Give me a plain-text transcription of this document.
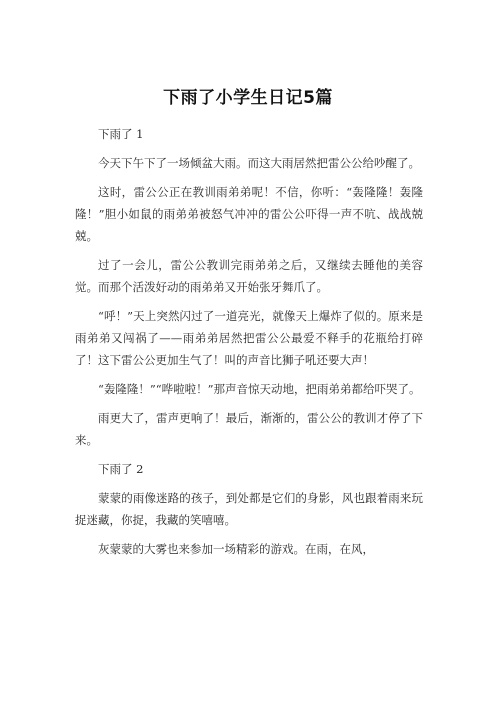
下雨了小学生日记5篇

下雨了 1

今天下午下了一场倾盆大雨。而这大雨居然把雷公公给吵醒了。

这时，雷公公正在教训雨弟弟呢！不信，你听：“轰隆隆！轰隆隆！”胆小如鼠的雨弟弟被怒气冲冲的雷公公吓得一声不吭、战战兢兢。

过了一会儿，雷公公教训完雨弟弟之后，又继续去睡他的美容觉。而那个活泼好动的雨弟弟又开始张牙舞爪了。

“呼！”天上突然闪过了一道亮光，就像天上爆炸了似的。原来是雨弟弟又闯祸了——雨弟弟居然把雷公公最爱不释手的花瓶给打碎了！这下雷公公更加生气了！叫的声音比狮子吼还要大声！

“轰隆隆！”“哗啦啦！”那声音惊天动地，把雨弟弟都给吓哭了。

雨更大了，雷声更响了！最后，渐渐的，雷公公的教训才停了下来。

下雨了 2

蒙蒙的雨像迷路的孩子，到处都是它们的身影，风也跟着雨来玩捉迷藏，你捉，我藏的笑嘻嘻。

灰蒙蒙的大雾也来参加一场精彩的游戏。在雨，在风，
